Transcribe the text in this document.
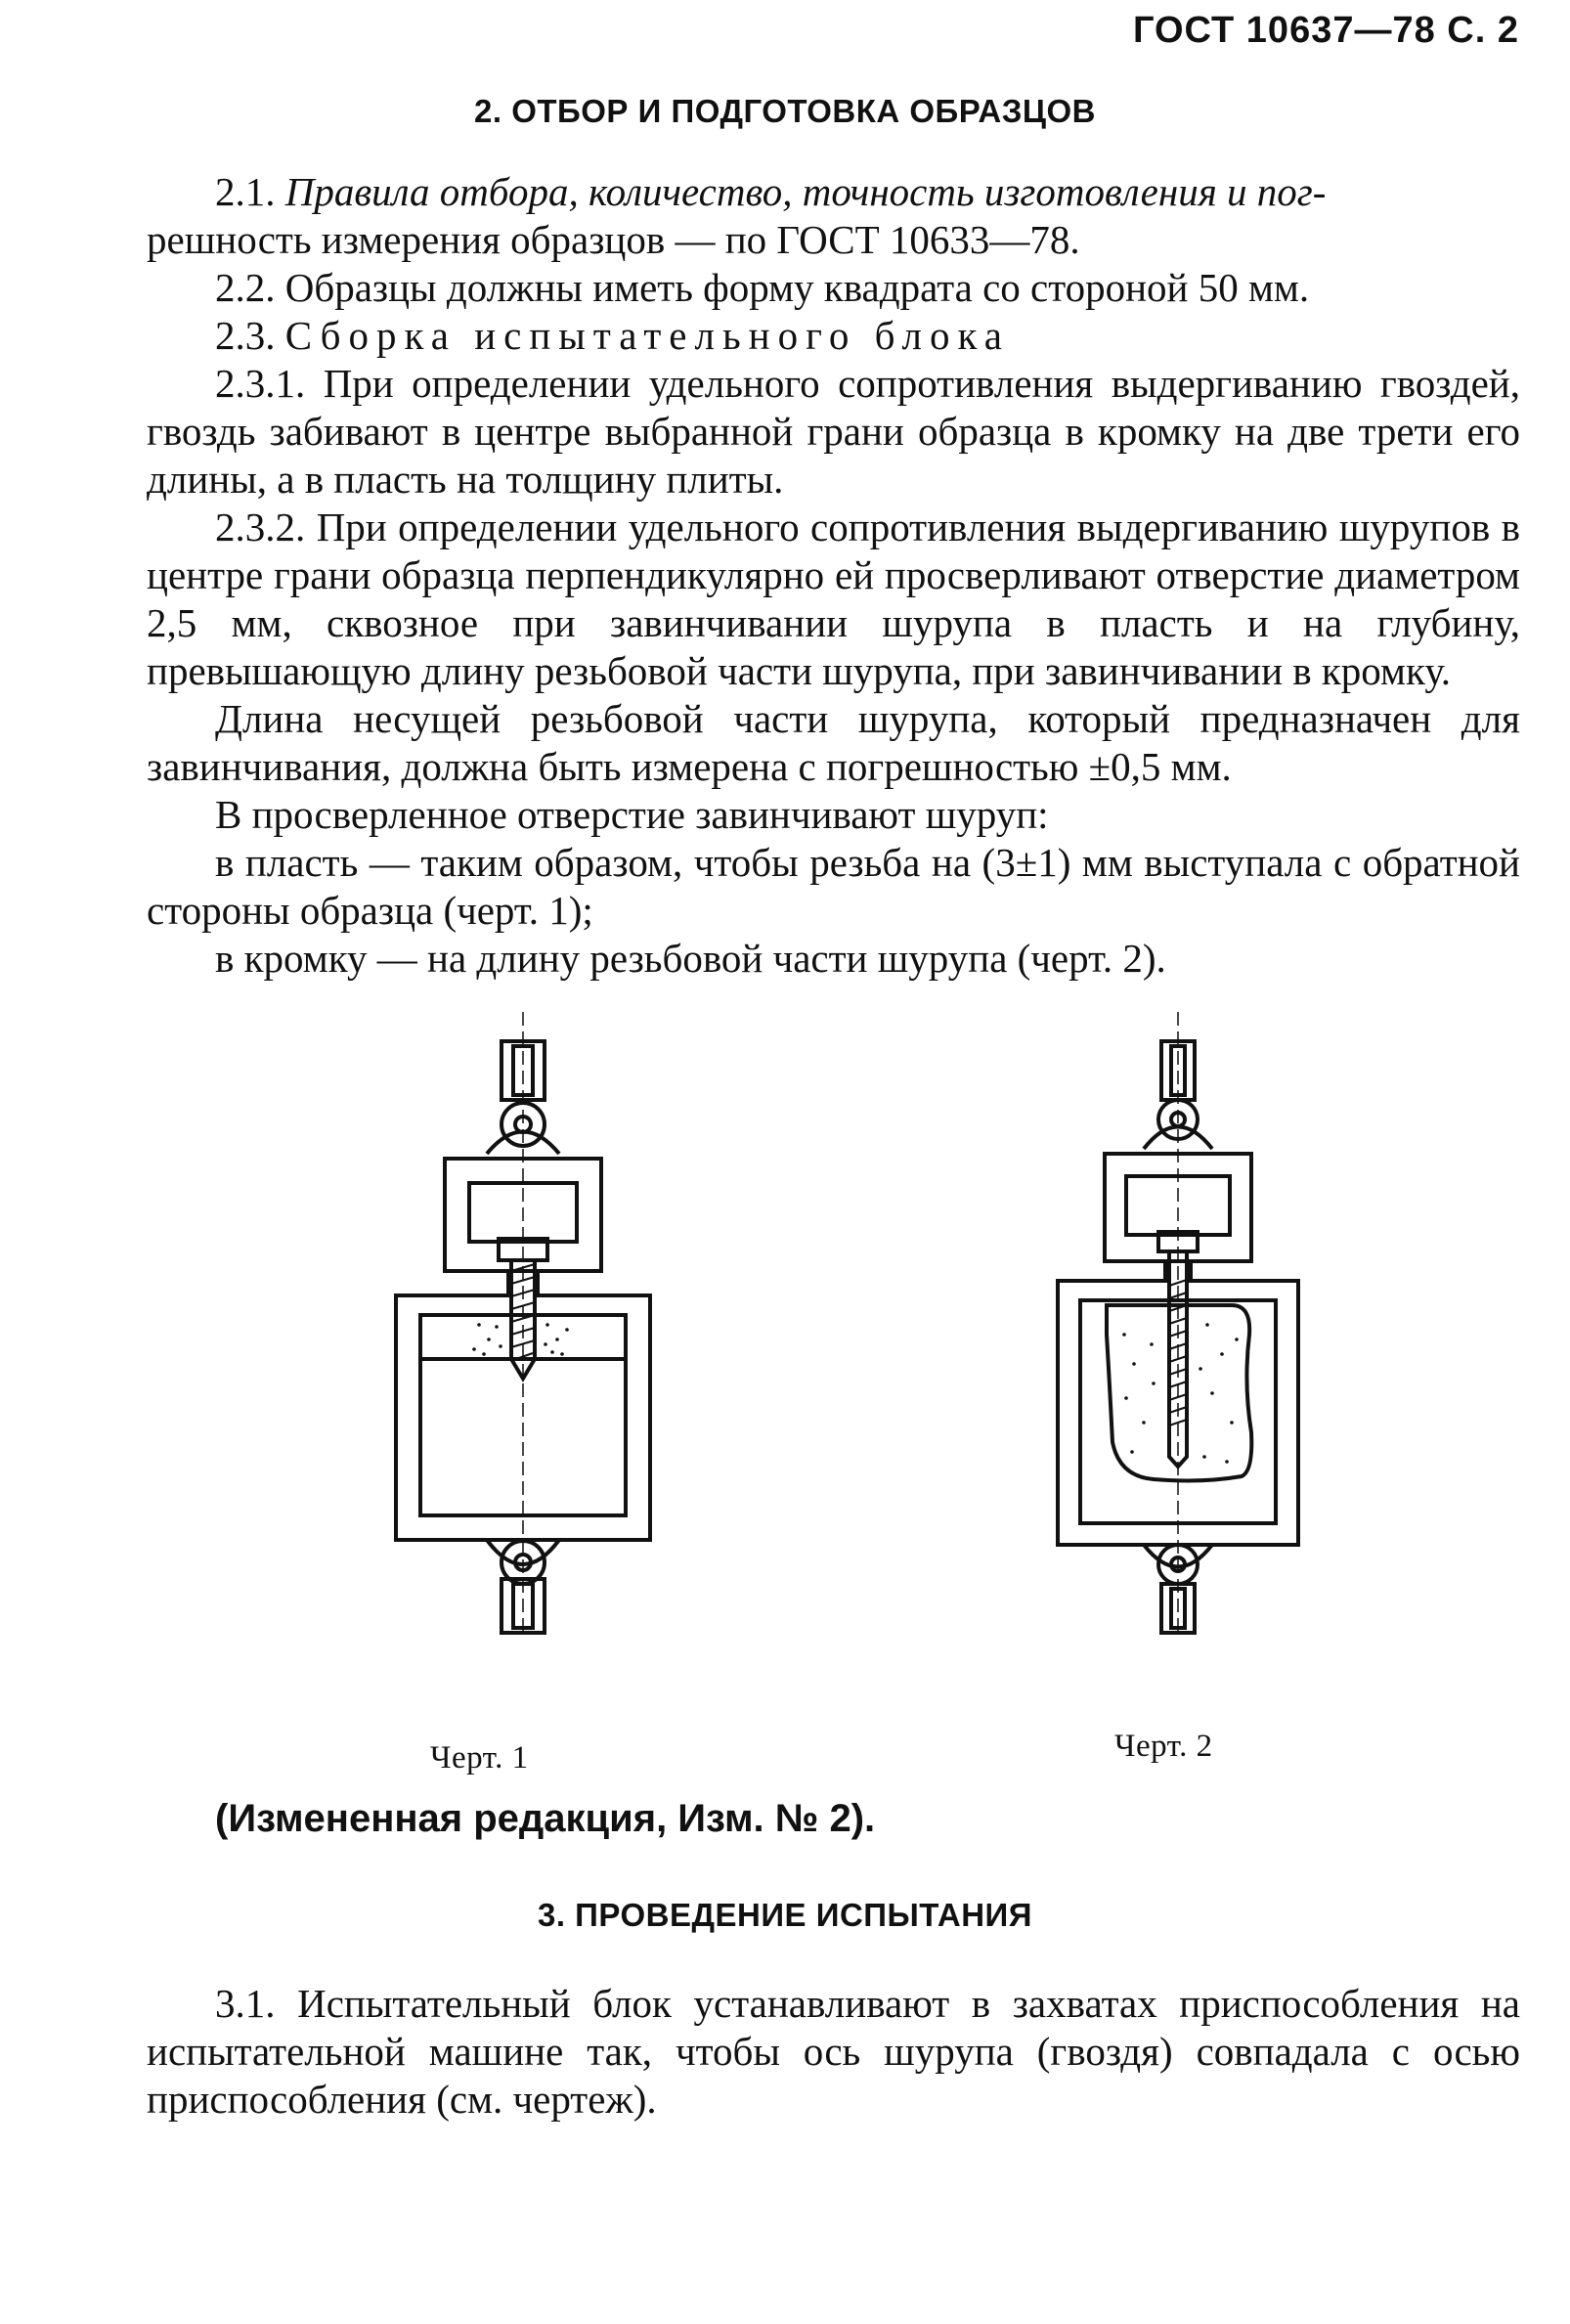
ГОСТ 10637—78 С. 2
2. ОТБОР И ПОДГОТОВКА ОБРАЗЦОВ

2.1. Правила отбора, количество, точность изготовления и пог-

решность измерения образцов — по ГОСТ 10633—78.

2.2. Образцы должны иметь форму квадрата со стороной 50 мм.

2.3. Сборка испытательного блока

2.3.1. При определении удельного сопротивления выдергиванию гвоздей, гвоздь забивают в центре выбранной грани образца в кромку на две трети его длины, а в пласть на толщину плиты.

2.3.2. При определении удельного сопротивления выдергиванию шурупов в центре грани образца перпендикулярно ей просверливают отверстие диаметром 2,5 мм, сквозное при завинчивании шурупа в пласть и на глубину, превышающую длину резьбовой части шурупа, при завинчивании в кромку.

Длина несущей резьбовой части шурупа, который предназначен для завинчивания, должна быть измерена с погрешностью ±0,5 мм.

В просверленное отверстие завинчивают шуруп:

в пласть — таким образом, чтобы резьба на (3±1) мм выступала с обратной стороны образца (черт. 1);

в кромку — на длину резьбовой части шурупа (черт. 2).

Черт. 1	Черт. 2
(Измененная редакция, Изм. № 2).
3. ПРОВЕДЕНИЕ ИСПЫТАНИЯ

3.1. Испытательный блок устанавливают в захватах приспособления на испытательной машине так, чтобы ось шурупа (гвоздя) совпадала с осью приспособления (см. чертеж).
